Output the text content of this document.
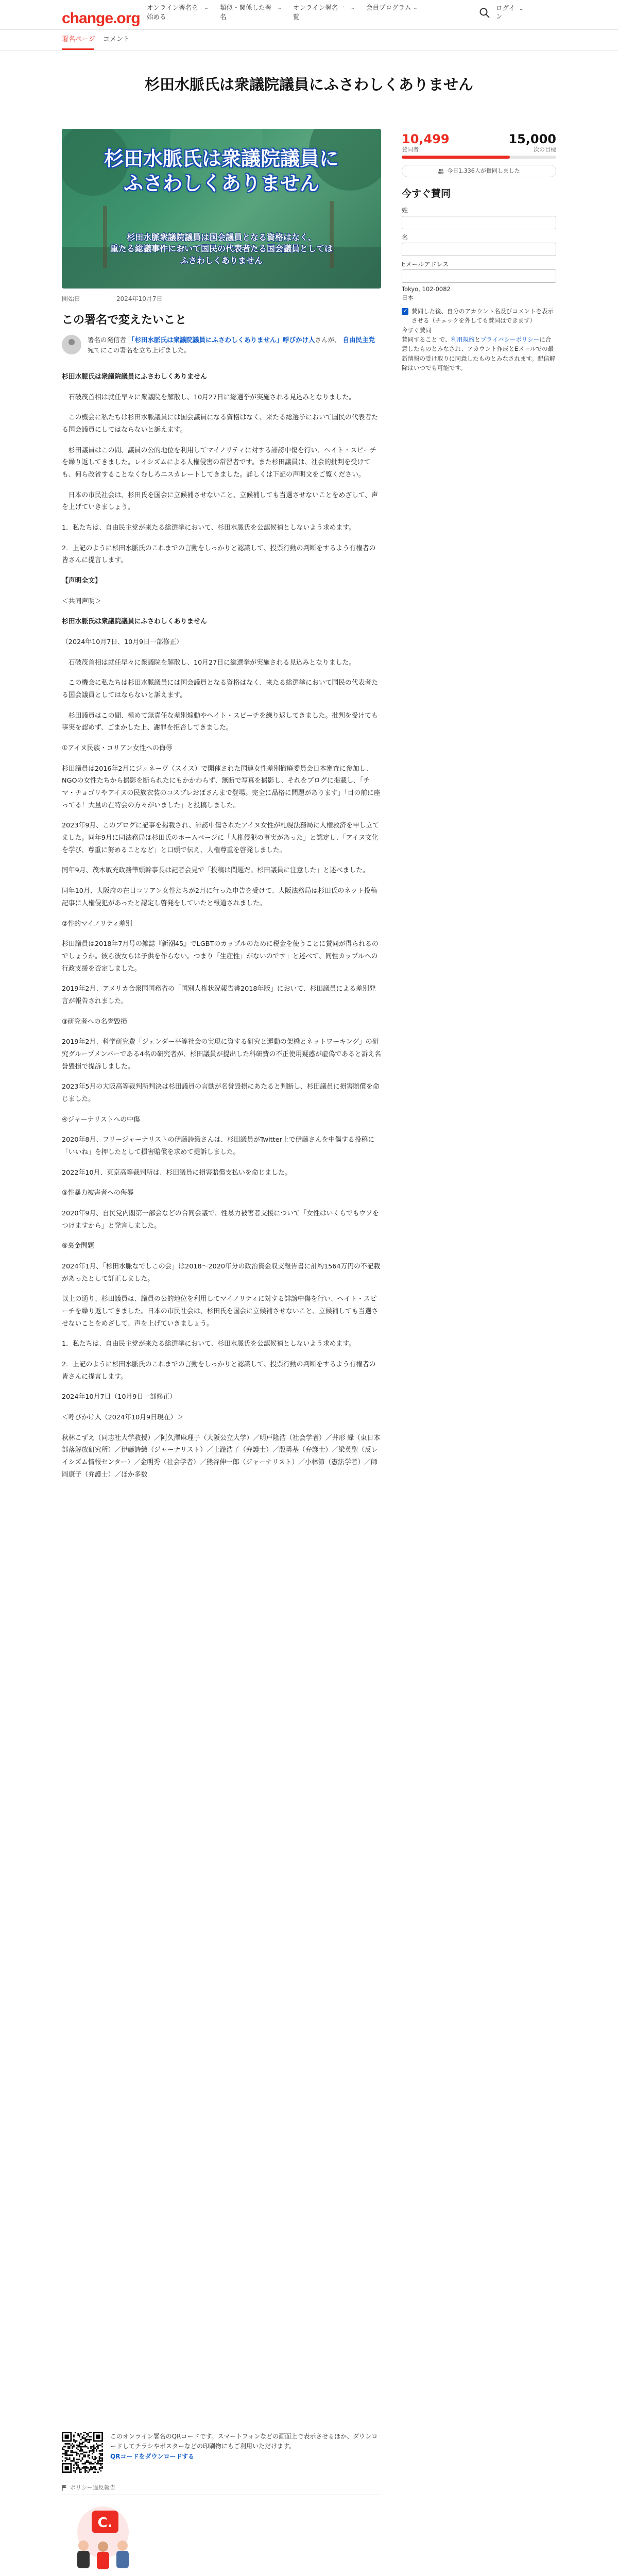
change.org
オンライン署名を始める
⌄ 類似・関係した署名
⌄ オンライン署名一覧
⌄ 会員プログラム ⌄	ログイン
⌄
署名ページ コメント
杉田水脈氏は衆議院議員にふさわしくありません
杉田水脈氏は衆議院議員に
ふさわしくありません
杉田水脈衆議院議員は国会議員となる資格はなく、
重たる総議事件において国民の代表者たる国会議員としては
ふさわしくありません
開始日	2024年10月7日
この署名で変えたいこと
署名の発信者 「杉田水脈氏は衆議院議員にふさわしくありません」呼びかけ人さんが、 自由民主党宛てにこの署名を立ち上げました。

杉田水脈氏は衆議院議員にふさわしくありません

　石破茂首相は就任早々に衆議院を解散し、10月27日に総選挙が実施される見込みとなりました。

　この機会に私たちは杉田水脈議員には国会議員になる資格はなく、来たる総選挙において国民の代表者たる国会議員にしてはならないと訴えます。

　杉田議員はこの間、議員の公的地位を利用してマイノリティに対する誹謗中傷を行い、ヘイト・スピーチを繰り返してきました。レイシズムによる人権侵害の常習者です。また杉田議員は、社会的批判を受けても、何ら改省することなくむしろエスカレートしてきました。詳しくは下記の声明文をご覧ください。

　日本の市民社会は、杉田氏を国会に立候補させないこと、立候補しても当選させないことをめざして、声を上げていきましょう。

1．私たちは、自由民主党が来たる総選挙において、杉田水脈氏を公認候補としないよう求めます。

2．上記のように杉田水脈氏のこれまでの言動をしっかりと認識して、投票行動の判断をするよう有権者の皆さんに提言します。

【声明全文】

＜共同声明＞

杉田水脈氏は衆議院議員にふさわしくありません

（2024年10月7日、10月9日一部修正）

　石破茂首相は就任早々に衆議院を解散し、10月27日に総選挙が実施される見込みとなりました。

　この機会に私たちは杉田水脈議員には国会議員となる資格はなく、来たる総選挙において国民の代表者たる国会議員としてはならないと訴えます。

　杉田議員はこの間、極めて無責任な差別煽動やヘイト・スピーチを繰り返してきました。批判を受けても事実を認めず、ごまかした上、謝罪を拒否してきました。

①アイヌ民族・コリアン女性への侮辱

杉田議員は2016年2月にジュネーヴ（スイス）で開催された国連女性差別撤廃委員会日本審査に参加し、NGOの女性たちから撮影を断られたにもかかわらず、無断で写真を撮影し、それをブログに掲載し、「チマ・チョゴリやアイヌの民族衣装のコスプレおばさんまで登場。完全に品格に問題があります」「目の前に座ってる！大量の在特会の方々がいました」と投稿しました。

2023年9月、このブログに記事を掲載され、誹謗中傷されたアイヌ女性が札幌法務局に人権救済を申し立てました。同年9月に同法務局は杉田氏のホームページに「人権侵犯の事実があった」と認定し、「アイヌ文化を学び、尊重に努めることなど」と口頭で伝え、人権尊重を啓発しました。

同年9月、茂木敏充政務筆頭幹事長は記者会見で「投稿は問題だ。杉田議員に注意した」と述べました。

同年10月、大阪府の在日コリアン女性たちが2月に行った申告を受けて、大阪法務局は杉田氏のネット投稿記事に人権侵犯があったと認定し啓発をしていたと報道されました。

②性的マイノリティ差別

杉田議員は2018年7月号の雑誌『新潮45』でLGBTのカップルのために税金を使うことに賛同が得られるのでしょうか。彼ら彼女らは子供を作らない。つまり「生産性」がないのです」と述べて、同性カップルへの行政支援を否定しました。

2019年2月、アメリカ合衆国国務省の「国別人権状況報告書2018年版」において、杉田議員による差別発言が報告されました。

③研究者への名誉毀損

2019年2月、科学研究費「ジェンダー平等社会の実現に資する研究と運動の架橋とネットワーキング」の研究グループメンバーである4名の研究者が、杉田議員が提出した科研費の不正使用疑惑が虚偽であると訴え名誉毀損で提訴しました。

2023年5月の大阪高等裁判所判決は杉田議員の言動が名誉毀損にあたると判断し、杉田議員に損害賠償を命じました。

④ジャーナリストへの中傷

2020年8月、フリージャーナリストの伊藤詩織さんは、杉田議員がTwitter上で伊藤さんを中傷する投稿に「いいね」を押したとして損害賠償を求めて提訴しました。

2022年10月、東京高等裁判所は、杉田議員に損害賠償支払いを命じました。

⑤性暴力被害者への侮辱

2020年9月、自民党内閣第一部会などの合同会議で、性暴力被害者支援について「女性はいくらでもウソをつけますから」と発言しました。

⑥裏金問題

2024年1月、「杉田水脈なでしこの会」は2018〜2020年分の政治資金収支報告書に計約1564万円の不記載があったとして訂正しました。

以上の通り、杉田議員は、議員の公的地位を利用してマイノリティに対する誹謗中傷を行い、ヘイト・スピーチを繰り返してきました。日本の市民社会は、杉田氏を国会に立候補させないこと、立候補しても当選させないことをめざして、声を上げていきましょう。

1．私たちは、自由民主党が来たる総選挙において、杉田水脈氏を公認候補としないよう求めます。

2．上記のように杉田水脈氏のこれまでの言動をしっかりと認識して、投票行動の判断をするよう有権者の皆さんに提言します。

2024年10月7日（10月9日一部修正）

＜呼びかけ人（2024年10月9日現在）＞

秋林こずえ（同志社大学教授）／阿久澤麻理子（大阪公立大学）／明戸隆浩（社会学者）／井形 緑（東日本部落解放研究所）／伊藤詩織（ジャーナリスト）／上瀧浩子（弁護士）／殷勇基（弁護士）／梁英聖（反レイシズム情報センター）／金明秀（社会学者）／熊谷伸一郎（ジャーナリスト）／小林節（憲法学者）／師岡康子（弁護士）／ほか多数

10,499	15,000
賛同者	次の目標
今日1,336人が賛同しました
今すぐ賛同
姓
名
Eメールアドレス
Tokyo, 102-0082
日本
✓
賛同した後、自分のアカウント名及びコメントを表示させる（チェックを外しても賛同はできます）
今すぐ賛同
賛同すること で、利用規約とプライバシーポリシーに合意したものとみなされ、アカウント作成とEメールでの最新情報の受け取りに同意したものとみなされます。配信解除はいつでも可能です。
このオンライン署名のQRコードです。スマートフォンなどの画面上で表示させるほか、ダウンロードしてチラシやポスターなどの印刷物にもご利用いただけます。
QRコードをダウンロードする
ポリシー違反報告
C.
